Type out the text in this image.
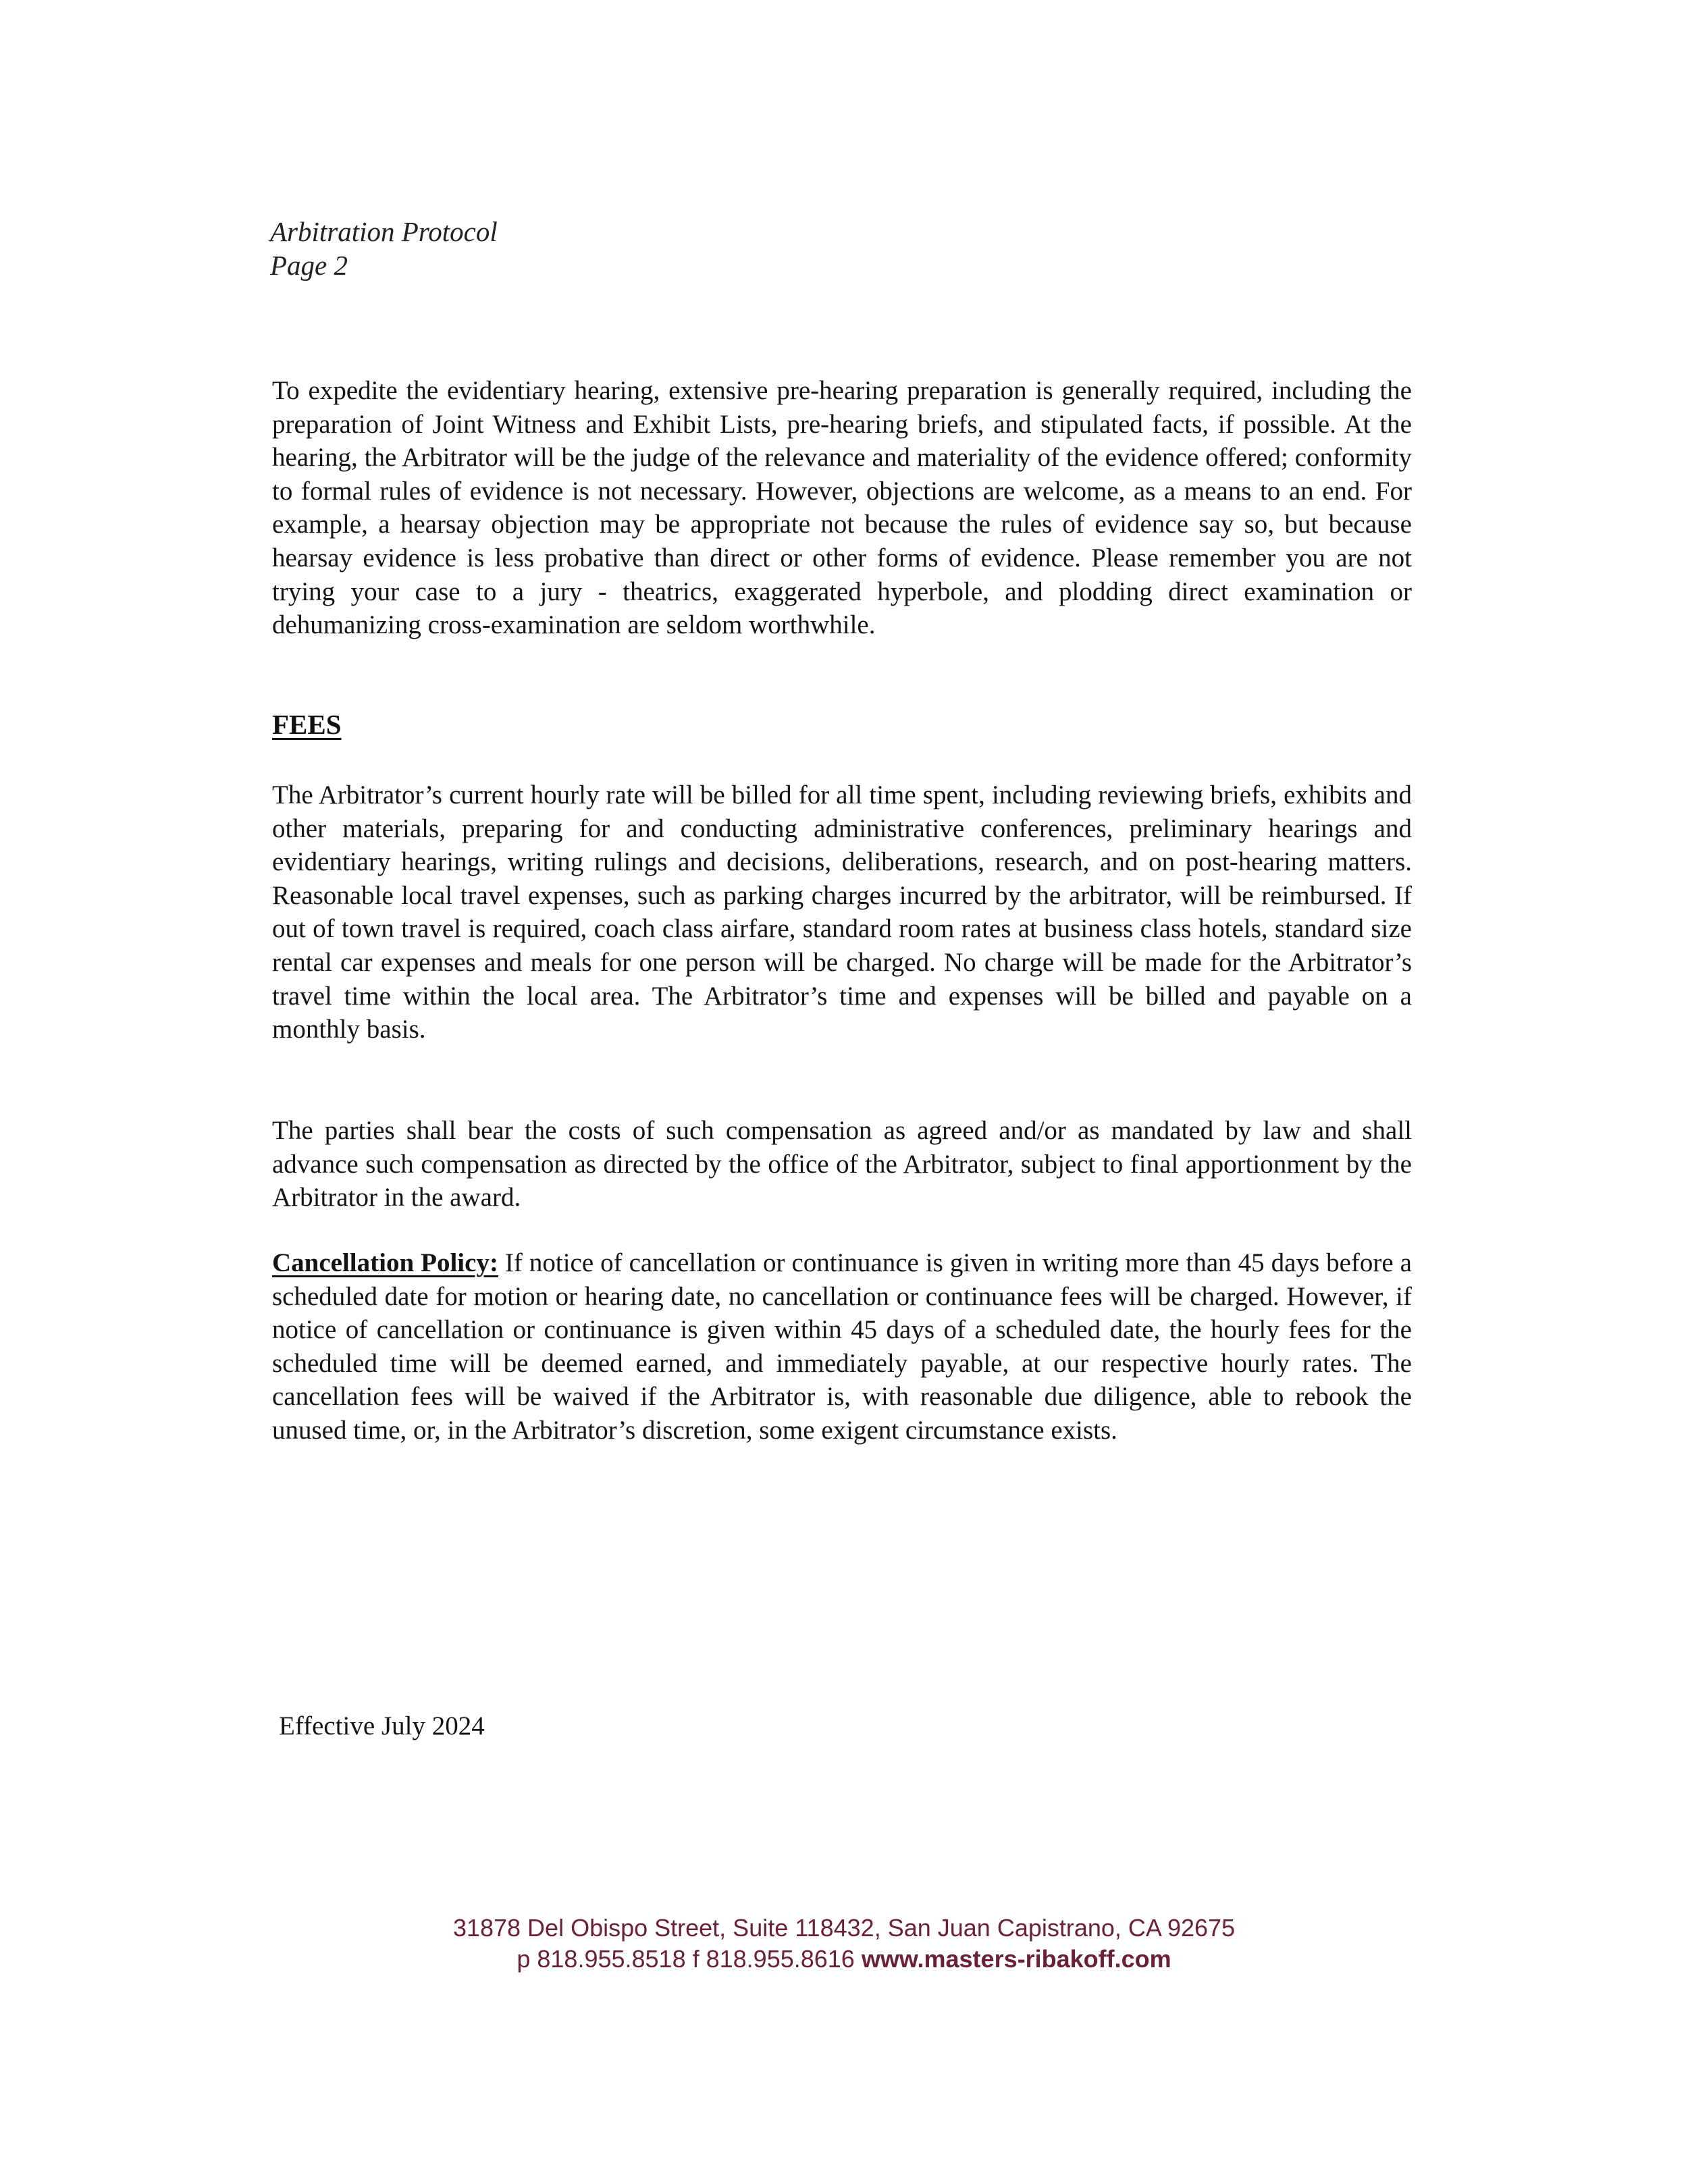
Arbitration Protocol
Page 2
To expedite the evidentiary hearing, extensive pre-hearing preparation is generally required, including the preparation of Joint Witness and Exhibit Lists, pre-hearing briefs, and stipulated facts, if possible. At the hearing, the Arbitrator will be the judge of the relevance and materiality of the evidence offered; conformity to formal rules of evidence is not necessary. However, objections are welcome, as a means to an end. For example, a hearsay objection may be appropriate not because the rules of evidence say so, but because hearsay evidence is less probative than direct or other forms of evidence. Please remember you are not trying your case to a jury - theatrics, exaggerated hyperbole, and plodding direct examination or dehumanizing cross-examination are seldom worthwhile.
FEES
The Arbitrator’s current hourly rate will be billed for all time spent, including reviewing briefs, exhibits and other materials, preparing for and conducting administrative conferences, preliminary hearings and evidentiary hearings, writing rulings and decisions, deliberations, research, and on post-hearing matters. Reasonable local travel expenses, such as parking charges incurred by the arbitrator, will be reimbursed. If out of town travel is required, coach class airfare, standard room rates at business class hotels, standard size rental car expenses and meals for one person will be charged. No charge will be made for the Arbitrator’s travel time within the local area. The Arbitrator’s time and expenses will be billed and payable on a monthly basis.
The parties shall bear the costs of such compensation as agreed and/or as mandated by law and shall advance such compensation as directed by the office of the Arbitrator, subject to final apportionment by the Arbitrator in the award.
Cancellation Policy: If notice of cancellation or continuance is given in writing more than 45 days before a scheduled date for motion or hearing date, no cancellation or continuance fees will be charged. However, if notice of cancellation or continuance is given within 45 days of a scheduled date, the hourly fees for the scheduled time will be deemed earned, and immediately payable, at our respective hourly rates. The cancellation fees will be waived if the Arbitrator is, with reasonable due diligence, able to rebook the unused time, or, in the Arbitrator’s discretion, some exigent circumstance exists.
Effective July 2024
31878 Del Obispo Street, Suite 118432, San Juan Capistrano, CA 92675
p 818.955.8518 f 818.955.8616 www.masters-ribakoff.com
